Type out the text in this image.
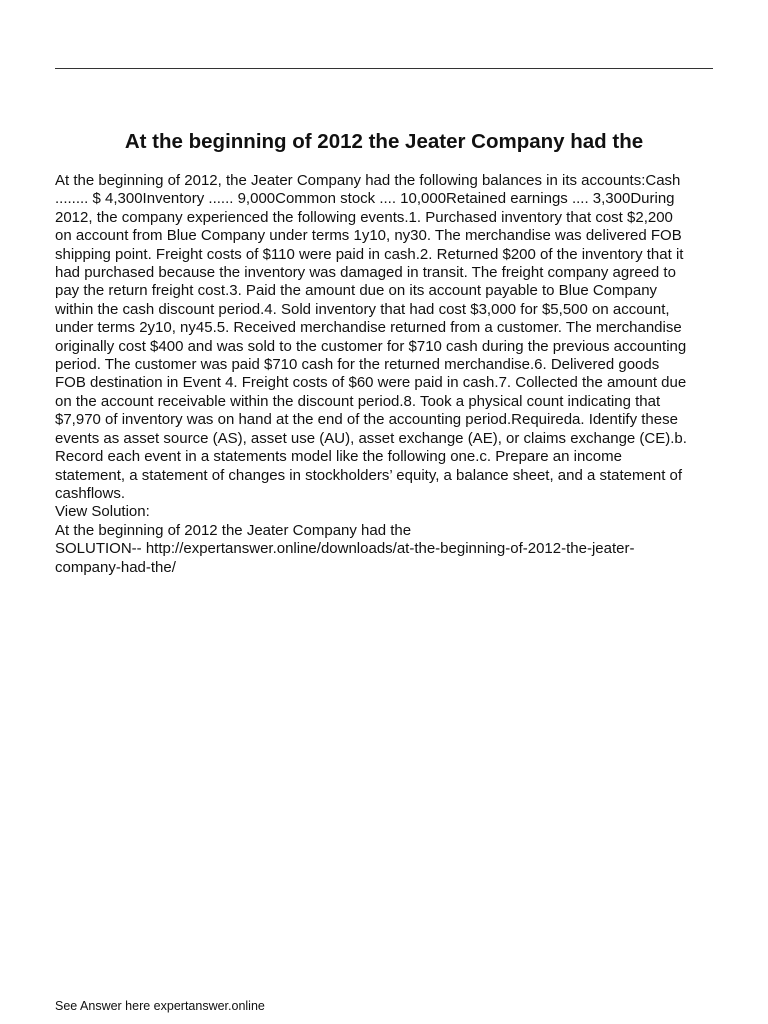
At the beginning of 2012 the Jeater Company had the
At the beginning of 2012, the Jeater Company had the following balances in its accounts:Cash
........ $ 4,300Inventory ...... 9,000Common stock .... 10,000Retained earnings .... 3,300During
2012, the company experienced the following events.1. Purchased inventory that cost $2,200
on account from Blue Company under terms 1y10, ny30. The merchandise was delivered FOB
shipping point. Freight costs of $110 were paid in cash.2. Returned $200 of the inventory that it
had purchased because the inventory was damaged in transit. The freight company agreed to
pay the return freight cost.3. Paid the amount due on its account payable to Blue Company
within the cash discount period.4. Sold inventory that had cost $3,000 for $5,500 on account,
under terms 2y10, ny45.5. Received merchandise returned from a customer. The merchandise
originally cost $400 and was sold to the customer for $710 cash during the previous accounting
period. The customer was paid $710 cash for the returned merchandise.6. Delivered goods
FOB destination in Event 4. Freight costs of $60 were paid in cash.7. Collected the amount due
on the account receivable within the discount period.8. Took a physical count indicating that
$7,970 of inventory was on hand at the end of the accounting period.Requireda. Identify these
events as asset source (AS), asset use (AU), asset exchange (AE), or claims exchange (CE).b.
Record each event in a statements model like the following one.c. Prepare an income
statement, a statement of changes in stockholders’ equity, a balance sheet, and a statement of
cashflows.
View Solution:
At the beginning of 2012 the Jeater Company had the
SOLUTION-- http://expertanswer.online/downloads/at-the-beginning-of-2012-the-jeater-
company-had-the/
See Answer here expertanswer.online
